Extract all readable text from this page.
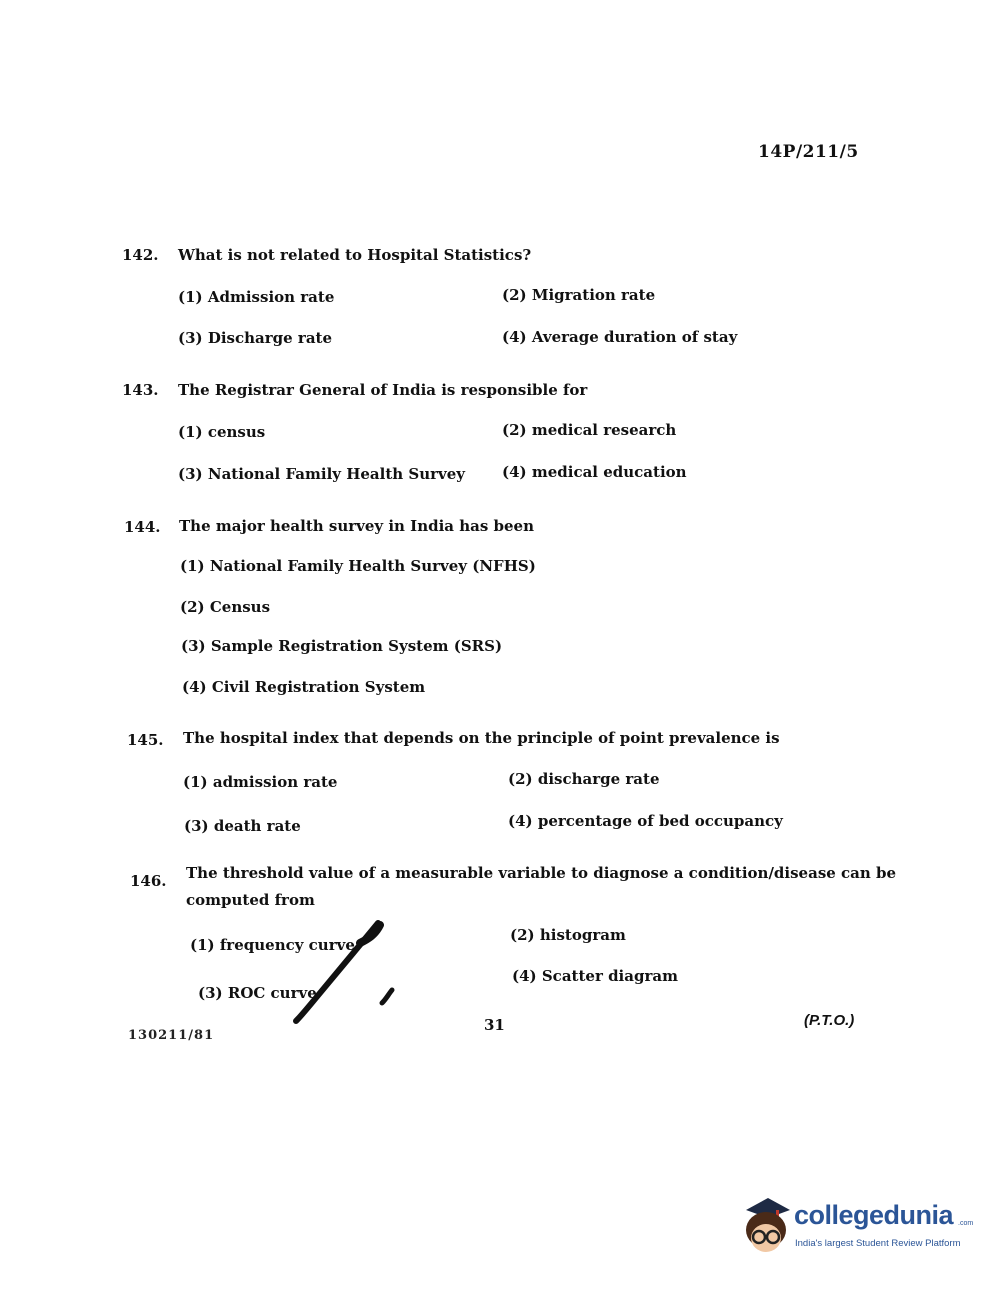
14P/211/5
142. What is not related to Hospital Statistics?
(1) Admission rate	(2) Migration rate
(3) Discharge rate	(4) Average duration of stay
143. The Registrar General of India is responsible for
(1) census	(2) medical research
(3) National Family Health Survey (4) medical education
144. The major health survey in India has been
(1) National Family Health Survey (NFHS)
(2) Census
(3) Sample Registration System (SRS)
(4) Civil Registration System
145. The hospital index that depends on the principle of point prevalence is
(1) admission rate	(2) discharge rate
(3) death rate	(4) percentage of bed occupancy
146. The threshold value of a measurable variable to diagnose a condition/disease can be
computed from
(1) frequency curve
(2) histogram
(3) ROC curve
(4) Scatter diagram
130211/81
31	(P.T.O.)
collegedunia .com
India's largest Student Review Platform
